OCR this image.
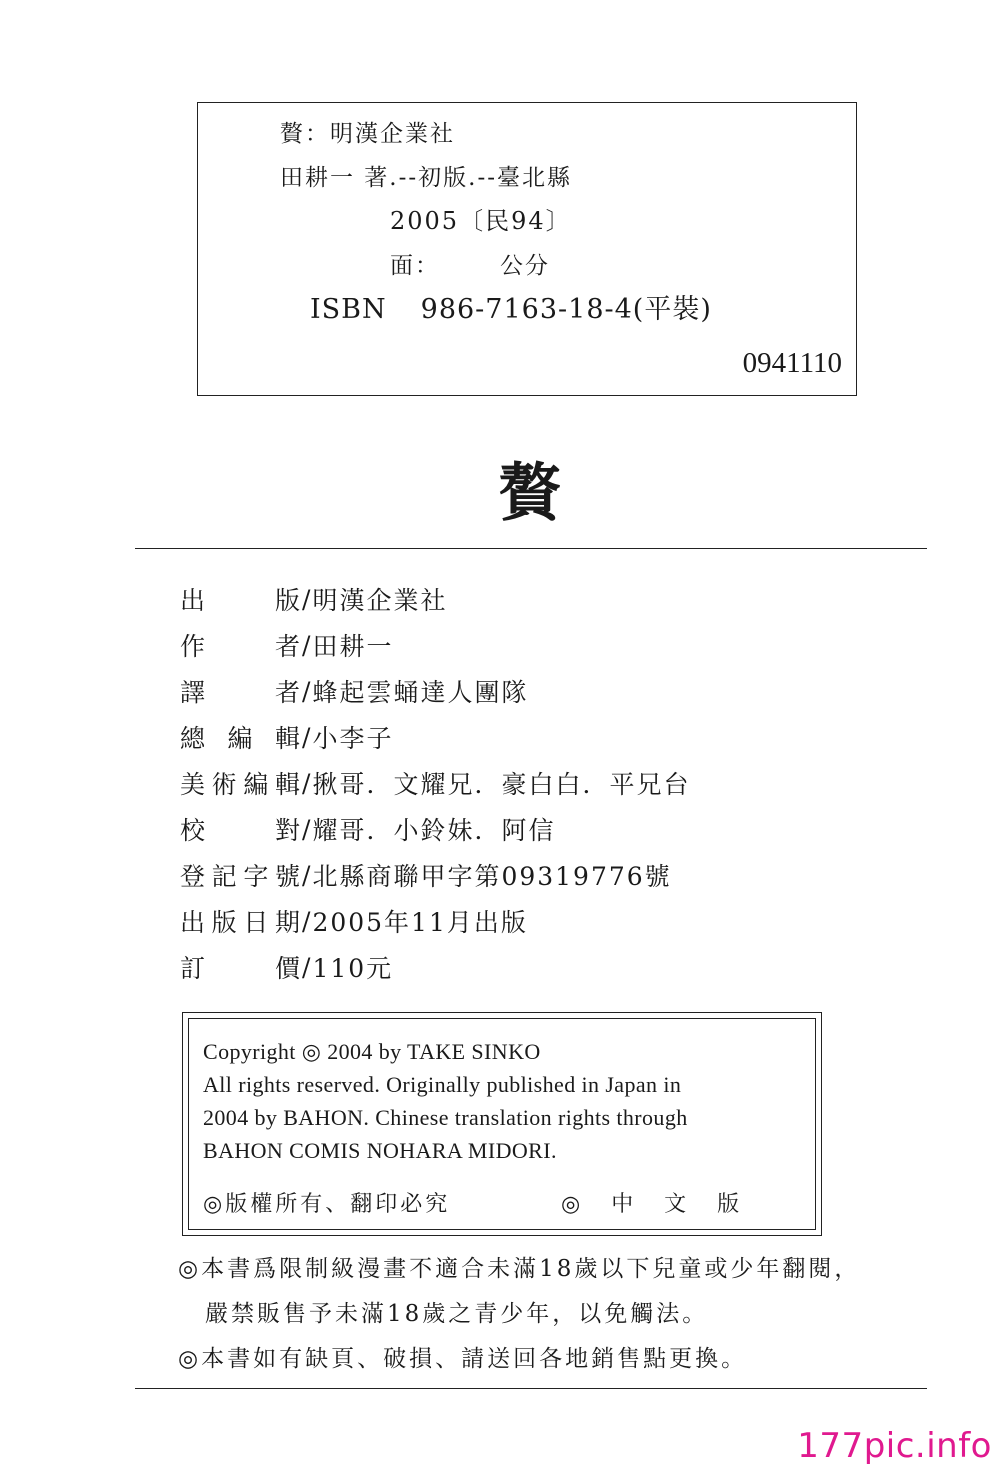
贅：明漢企業社
田耕一 著.--初版.--臺北縣
2005〔民94〕
面：	公分
ISBN 986-7163-18-4(平裝)
0941110
贅
出	版 / 明漢企業社
作	者 / 田耕一
譯	者 / 蜂起雲蛹達人團隊
總 編 輯 / 小李子
美 術 編 輯 / 揪哥．文耀兄．豪白白．平兄台
校	對 / 耀哥．小鈴妹．阿信
登 記 字 號 / 北縣商聯甲字第09319776號
出 版 日 期 / 2005年11月出版
訂	價 / 110元
Copyright ◎ 2004 by TAKE SINKO
All rights reserved. Originally published in Japan in
2004 by BAHON. Chinese translation rights through
BAHON COMIS NOHARA MIDORI.
◎版權所有、翻印必究	◎ 中 文 版
◎本書爲限制級漫畫不適合未滿18歲以下兒童或少年翻閱，
嚴禁販售予未滿18歲之青少年，以免觸法。
◎本書如有缺頁、破損、請送回各地銷售點更換。
177pic.info
